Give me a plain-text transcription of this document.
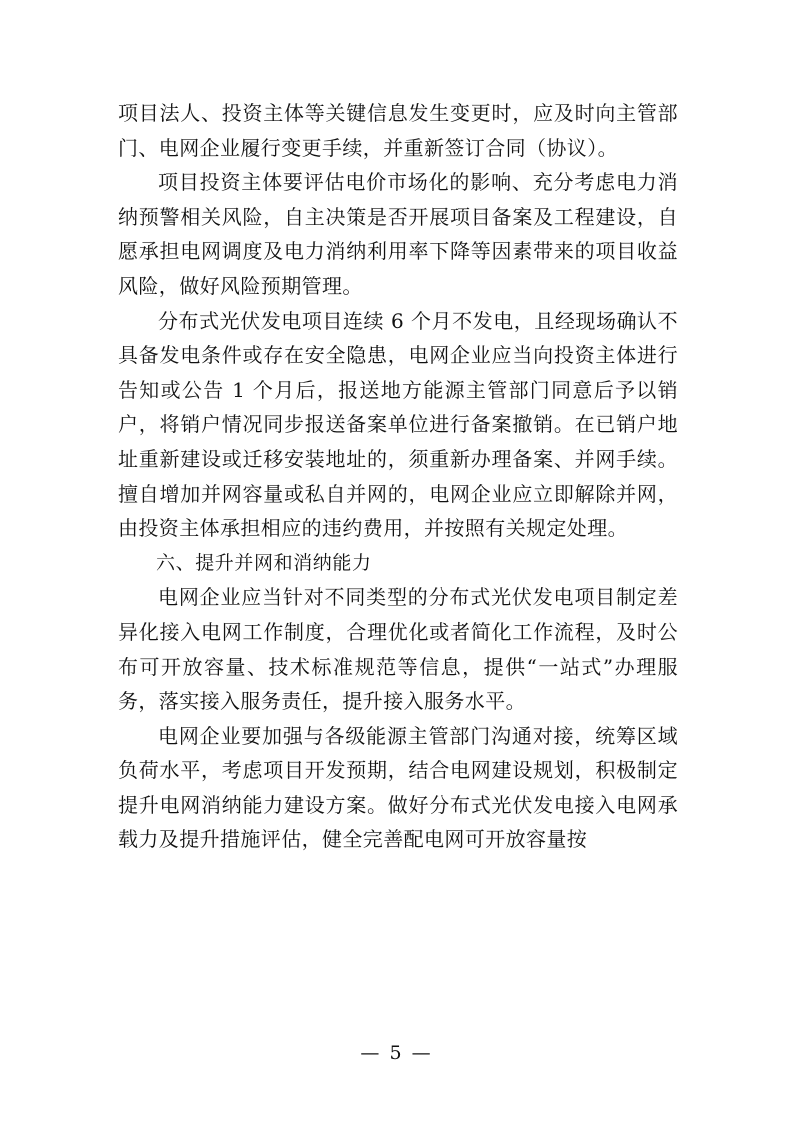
项目法人、投资主体等关键信息发生变更时，应及时向主管部门、电网企业履行变更手续，并重新签订合同（协议）。

项目投资主体要评估电价市场化的影响、充分考虑电力消纳预警相关风险，自主决策是否开展项目备案及工程建设，自愿承担电网调度及电力消纳利用率下降等因素带来的项目收益风险，做好风险预期管理。

分布式光伏发电项目连续 6 个月不发电，且经现场确认不具备发电条件或存在安全隐患，电网企业应当向投资主体进行告知或公告 1 个月后，报送地方能源主管部门同意后予以销户，将销户情况同步报送备案单位进行备案撤销。在已销户地址重新建设或迁移安装地址的，须重新办理备案、并网手续。擅自增加并网容量或私自并网的，电网企业应立即解除并网，由投资主体承担相应的违约费用，并按照有关规定处理。

六、提升并网和消纳能力

电网企业应当针对不同类型的分布式光伏发电项目制定差异化接入电网工作制度，合理优化或者简化工作流程，及时公布可开放容量、技术标准规范等信息，提供“一站式”办理服务，落实接入服务责任，提升接入服务水平。

电网企业要加强与各级能源主管部门沟通对接，统筹区域负荷水平，考虑项目开发预期，结合电网建设规划，积极制定提升电网消纳能力建设方案。做好分布式光伏发电接入电网承载力及提升措施评估，健全完善配电网可开放容量按

— 5 —
